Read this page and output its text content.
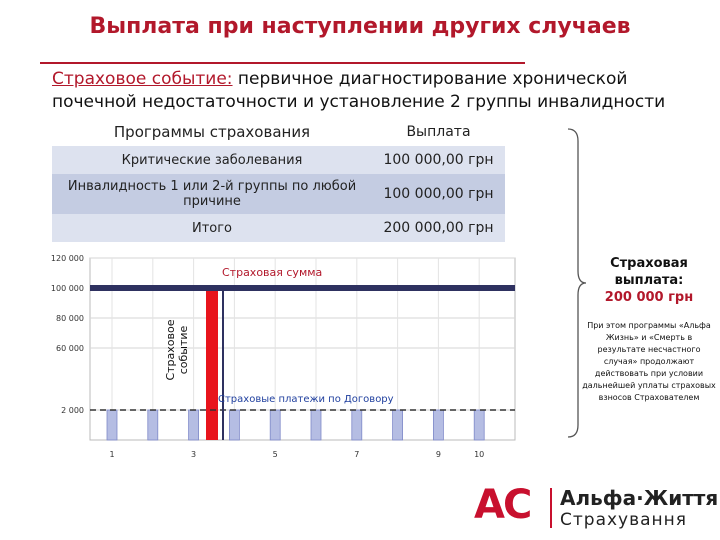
Выплата при наступлении других случаев
Страховое событие: первичное диагностирование хронической почечной недостаточности и установление 2 группы инвалидности
Программы страхования	Выплата
Критические заболевания	100 000,00 грн
Инвалидность 1 или 2-й группы по любой причине	100 000,00 грн
Итого	200 000,00 грн
2 000
60 000
80 000
100 000
120 000
1	3	5	7	9	10
Страховая сумма
Страховые платежи по Договору
Страховоесобытие
Страховая выплата:
200 000 грн
При этом программы «Альфа Жизнь» и «Смерть в результате несчастного случая» продолжают действовать при условии дальнейшей уплаты страховых взносов Страхователем
AC Альфа·Життя
Страхування
